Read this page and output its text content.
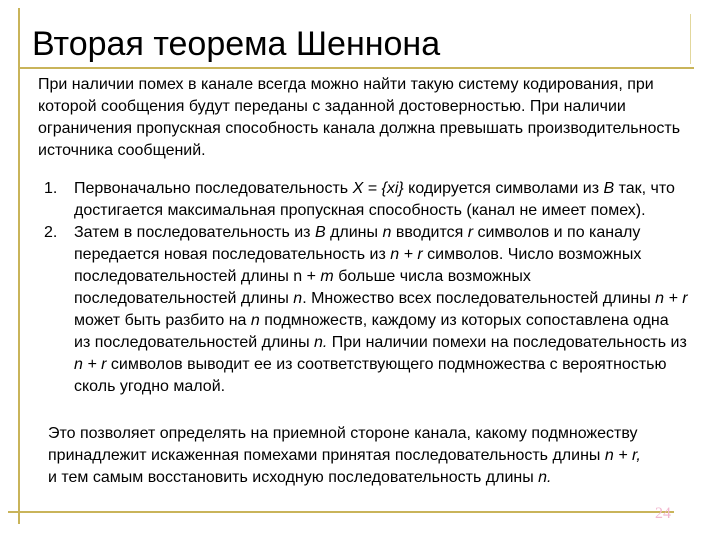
Вторая теорема Шеннона

При наличии помех в канале всегда можно найти такую систему кодирования, при которой сообщения будут переданы с заданной достоверностью. При наличии ограничения пропускная способность канала должна превышать производительность источника сообщений.

1. Первоначально последовательность X = {xi} кодируется символами из B так, что достигается максимальная пропускная способность (канал не имеет помех).
2. Затем в последовательность из B длины n вводится r символов и по каналу передается новая последовательность из n + r символов. Число возможных последовательностей длины n + m больше числа возможных последовательностей длины n. Множество всех последовательностей длины n + r может быть разбито на n подмножеств, каждому из которых сопоставлена одна из последовательностей длины n. При наличии помехи на последовательность из n + r символов выводит ее из соответствующего подмножества с вероятностью сколь угодно малой.

Это позволяет определять на приемной стороне канала, какому подмножеству принадлежит искаженная помехами принятая последовательность длины n + r, и тем самым восстановить исходную последовательность длины n.

24
